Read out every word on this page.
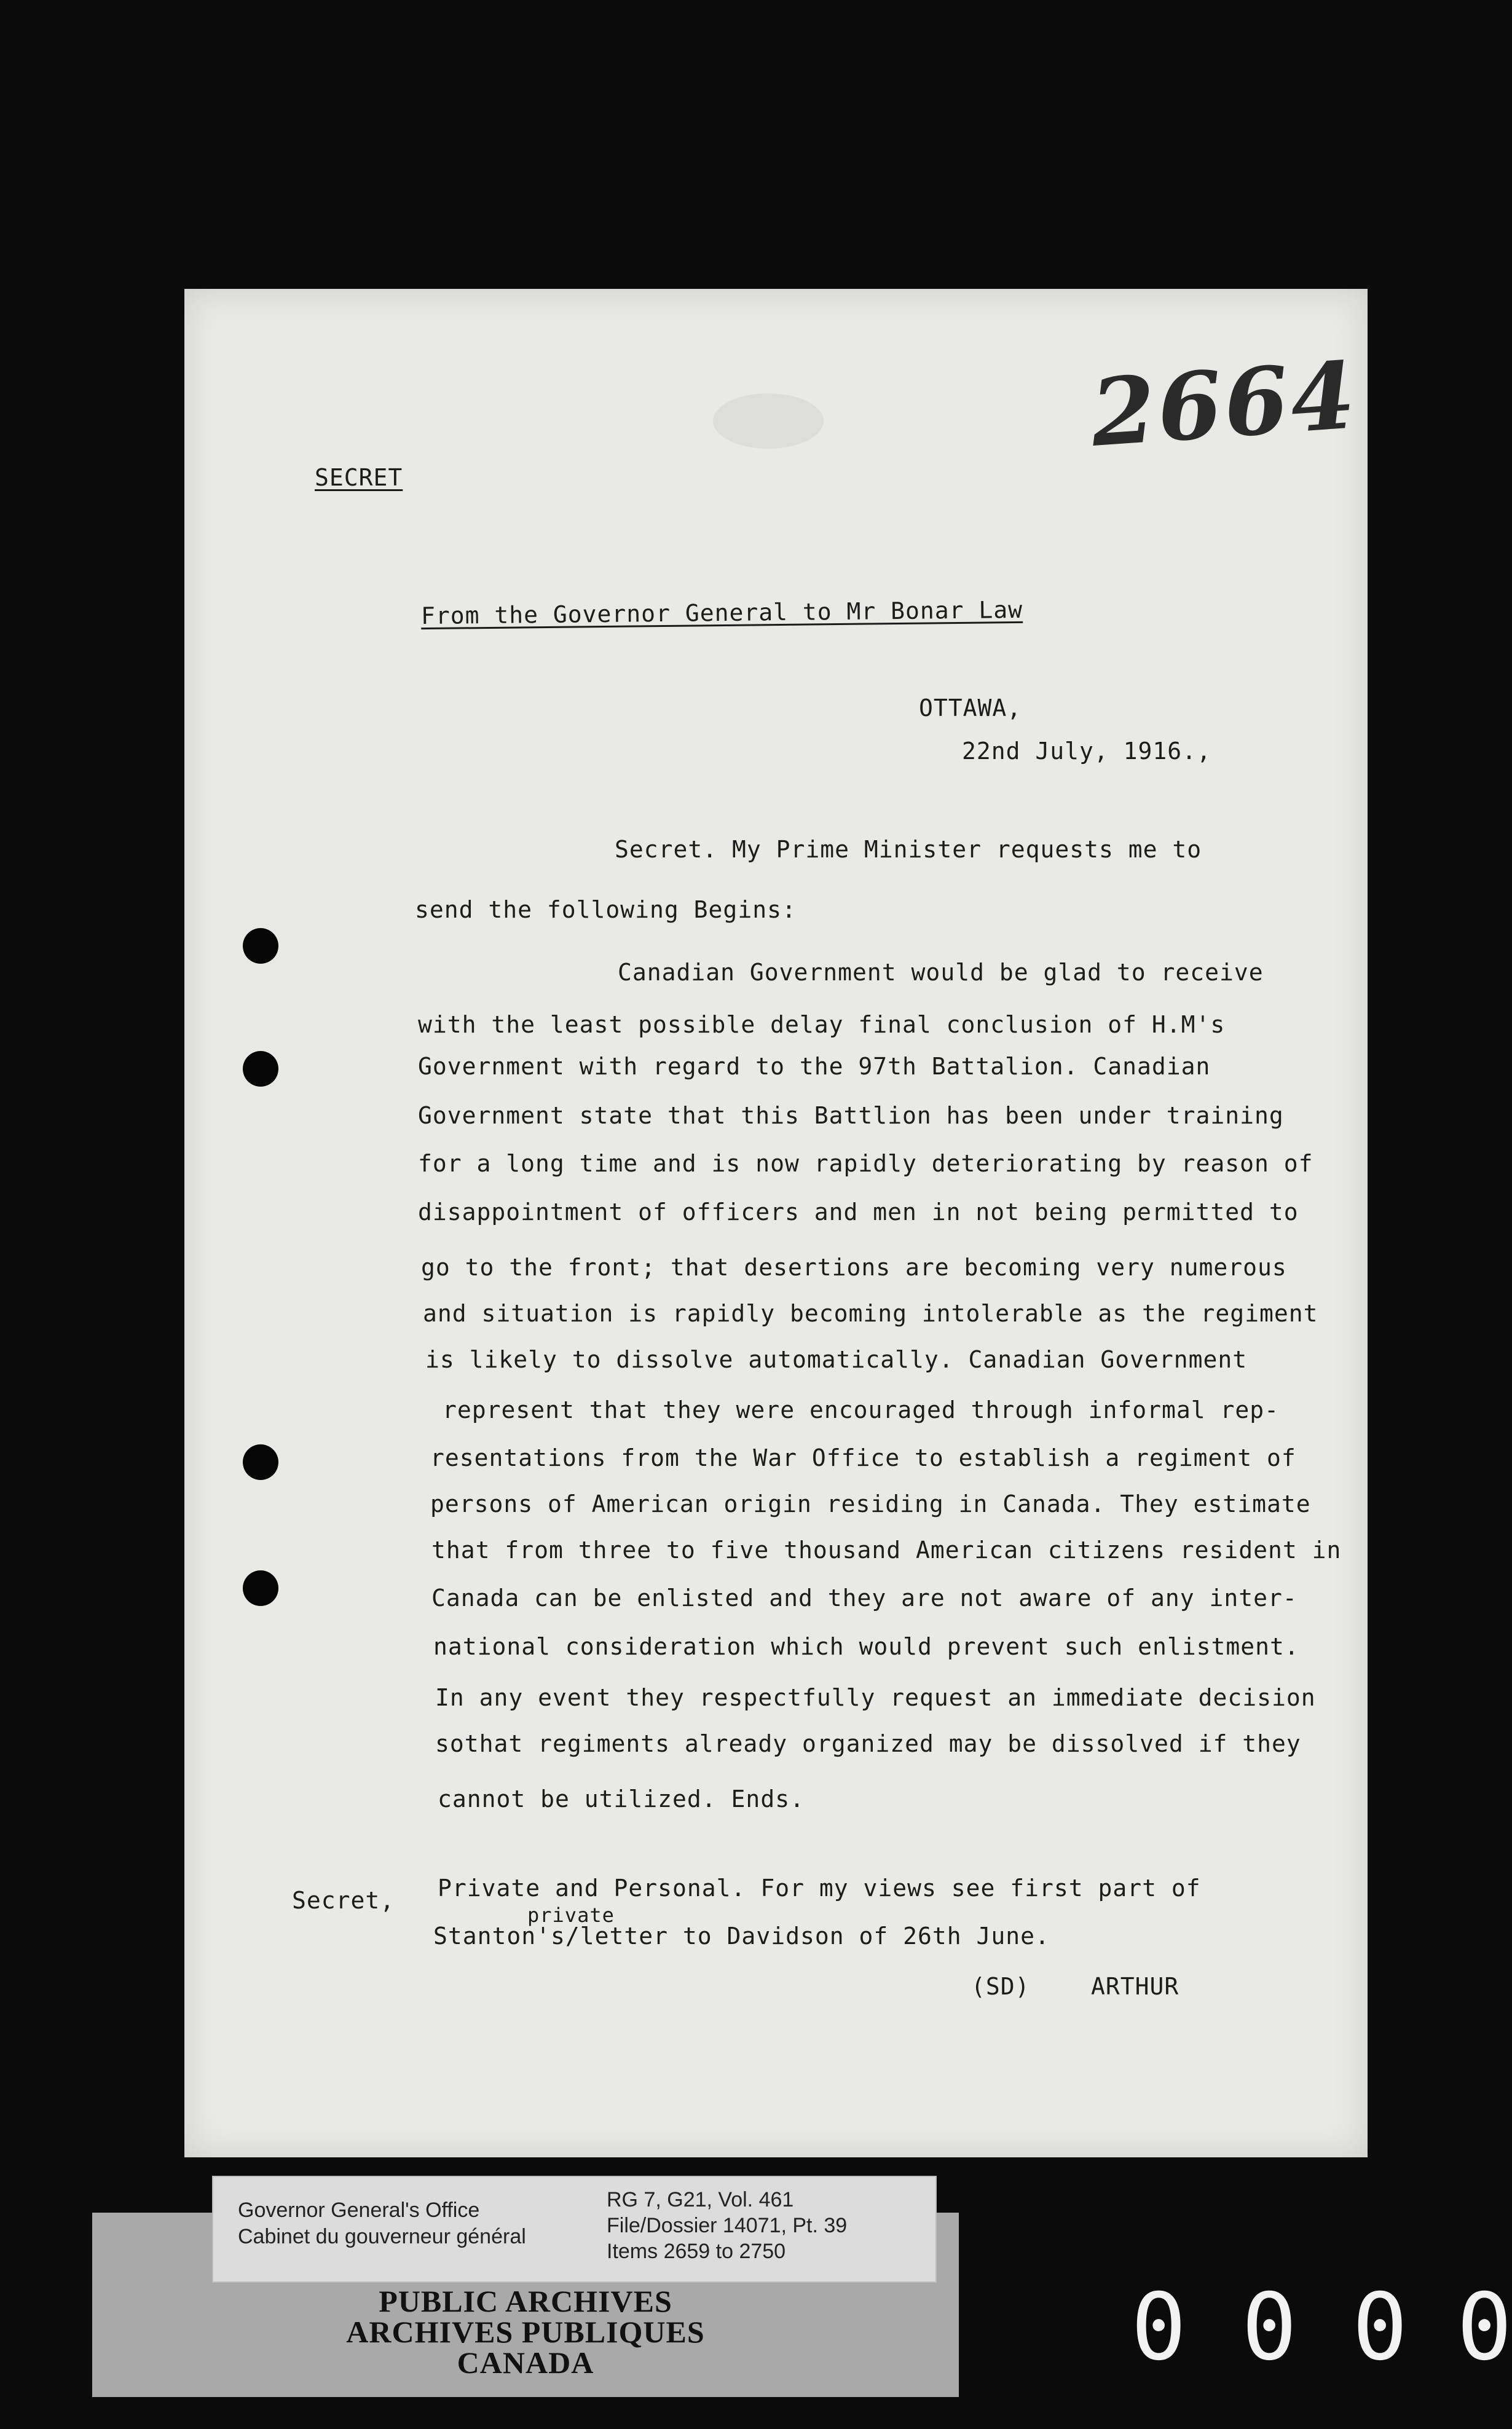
2664
SECRET
From the Governor General to Mr Bonar Law
OTTAWA,
22nd July, 1916.,
Secret. My Prime Minister requests me to
send the following Begins:
Canadian Government would be glad to receive
with the least possible delay final conclusion of H.M's
Government with regard to the 97th Battalion. Canadian
Government state that this Battlion has been under training
for a long time and is now rapidly deteriorating by reason of
disappointment of officers and men in not being permitted to
go to the front; that desertions are becoming very numerous
and situation is rapidly becoming intolerable as the regiment
is likely to dissolve automatically. Canadian Government
represent that they were encouraged through informal rep-
resentations from the War Office to establish a regiment of
persons of American origin residing in Canada. They estimate
that from three to five thousand American citizens resident in
Canada can be enlisted and they are not aware of any inter-
national consideration which would prevent such enlistment.
In any event they respectfully request an immediate decision
sothat regiments already organized may be dissolved if they
cannot be utilized. Ends.
Secret, Private and Personal. For my views see first part of
private
Stanton's/letter to Davidson of 26th June.
(SD)	ARTHUR
PUBLIC ARCHIVES
ARCHIVES PUBLIQUES
CANADA
Governor General's Office
Cabinet du gouverneur général
RG 7, G21, Vol. 461
File/Dossier 14071, Pt. 39
Items 2659 to 2750
0 0 0 0
